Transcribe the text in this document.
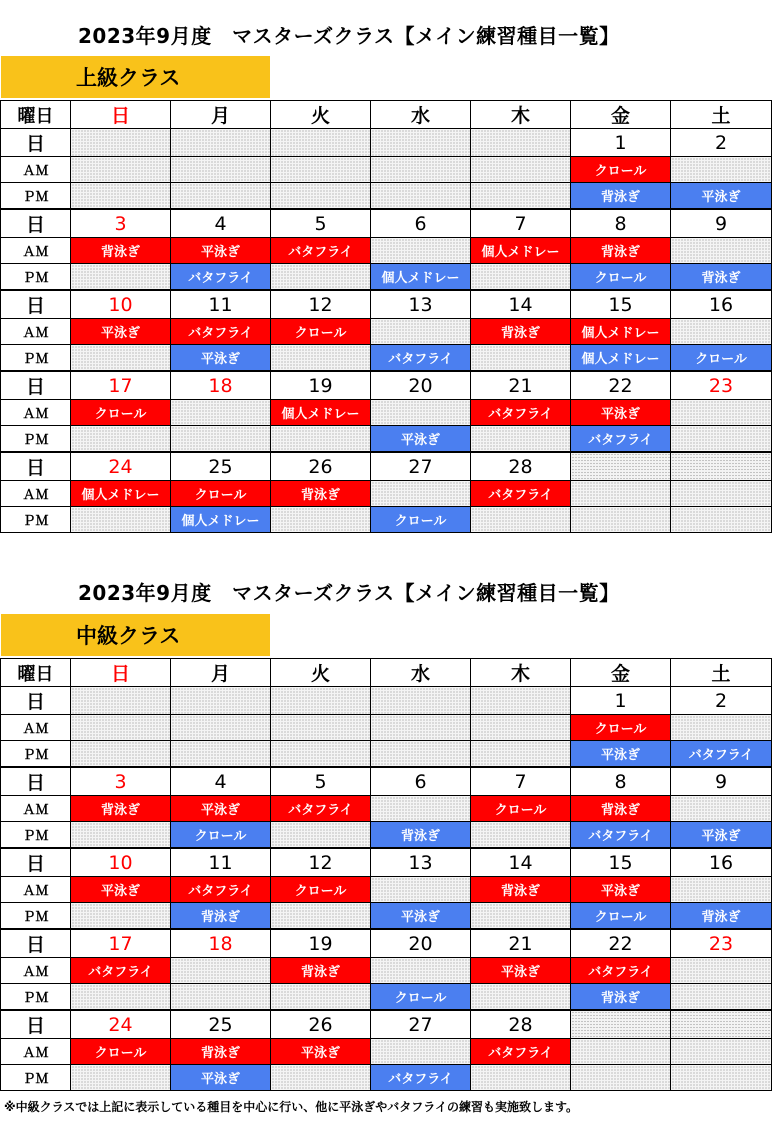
2023年9月度　マスターズクラス【メイン練習種目一覧】
上級クラス
曜日	日	月	火	水	木	金	土
日						1	2
ＡＭ						クロール	
ＰＭ						背泳ぎ	平泳ぎ
日	3	4	5	6	7	8	9
ＡＭ	背泳ぎ	平泳ぎ	バタフライ		個人メドレー	背泳ぎ	
ＰＭ		バタフライ		個人メドレー		クロール	背泳ぎ
日	10	11	12	13	14	15	16
ＡＭ	平泳ぎ	バタフライ	クロール		背泳ぎ	個人メドレー	
ＰＭ		平泳ぎ		バタフライ		個人メドレー	クロール
日	17	18	19	20	21	22	23
ＡＭ	クロール		個人メドレー		バタフライ	平泳ぎ	
ＰＭ				平泳ぎ		バタフライ	
日	24	25	26	27	28		
ＡＭ	個人メドレー	クロール	背泳ぎ		バタフライ		
ＰＭ		個人メドレー		クロール			
2023年9月度　マスターズクラス【メイン練習種目一覧】
中級クラス
曜日	日	月	火	水	木	金	土
日						1	2
ＡＭ						クロール	
ＰＭ						平泳ぎ	バタフライ
日	3	4	5	6	7	8	9
ＡＭ	背泳ぎ	平泳ぎ	バタフライ		クロール	背泳ぎ	
ＰＭ		クロール		背泳ぎ		バタフライ	平泳ぎ
日	10	11	12	13	14	15	16
ＡＭ	平泳ぎ	バタフライ	クロール		背泳ぎ	平泳ぎ	
ＰＭ		背泳ぎ		平泳ぎ		クロール	背泳ぎ
日	17	18	19	20	21	22	23
ＡＭ	バタフライ		背泳ぎ		平泳ぎ	バタフライ	
ＰＭ				クロール		背泳ぎ	
日	24	25	26	27	28		
ＡＭ	クロール	背泳ぎ	平泳ぎ		バタフライ		
ＰＭ		平泳ぎ		バタフライ			
※中級クラスでは上記に表示している種目を中心に行い、他に平泳ぎやバタフライの練習も実施致します。
